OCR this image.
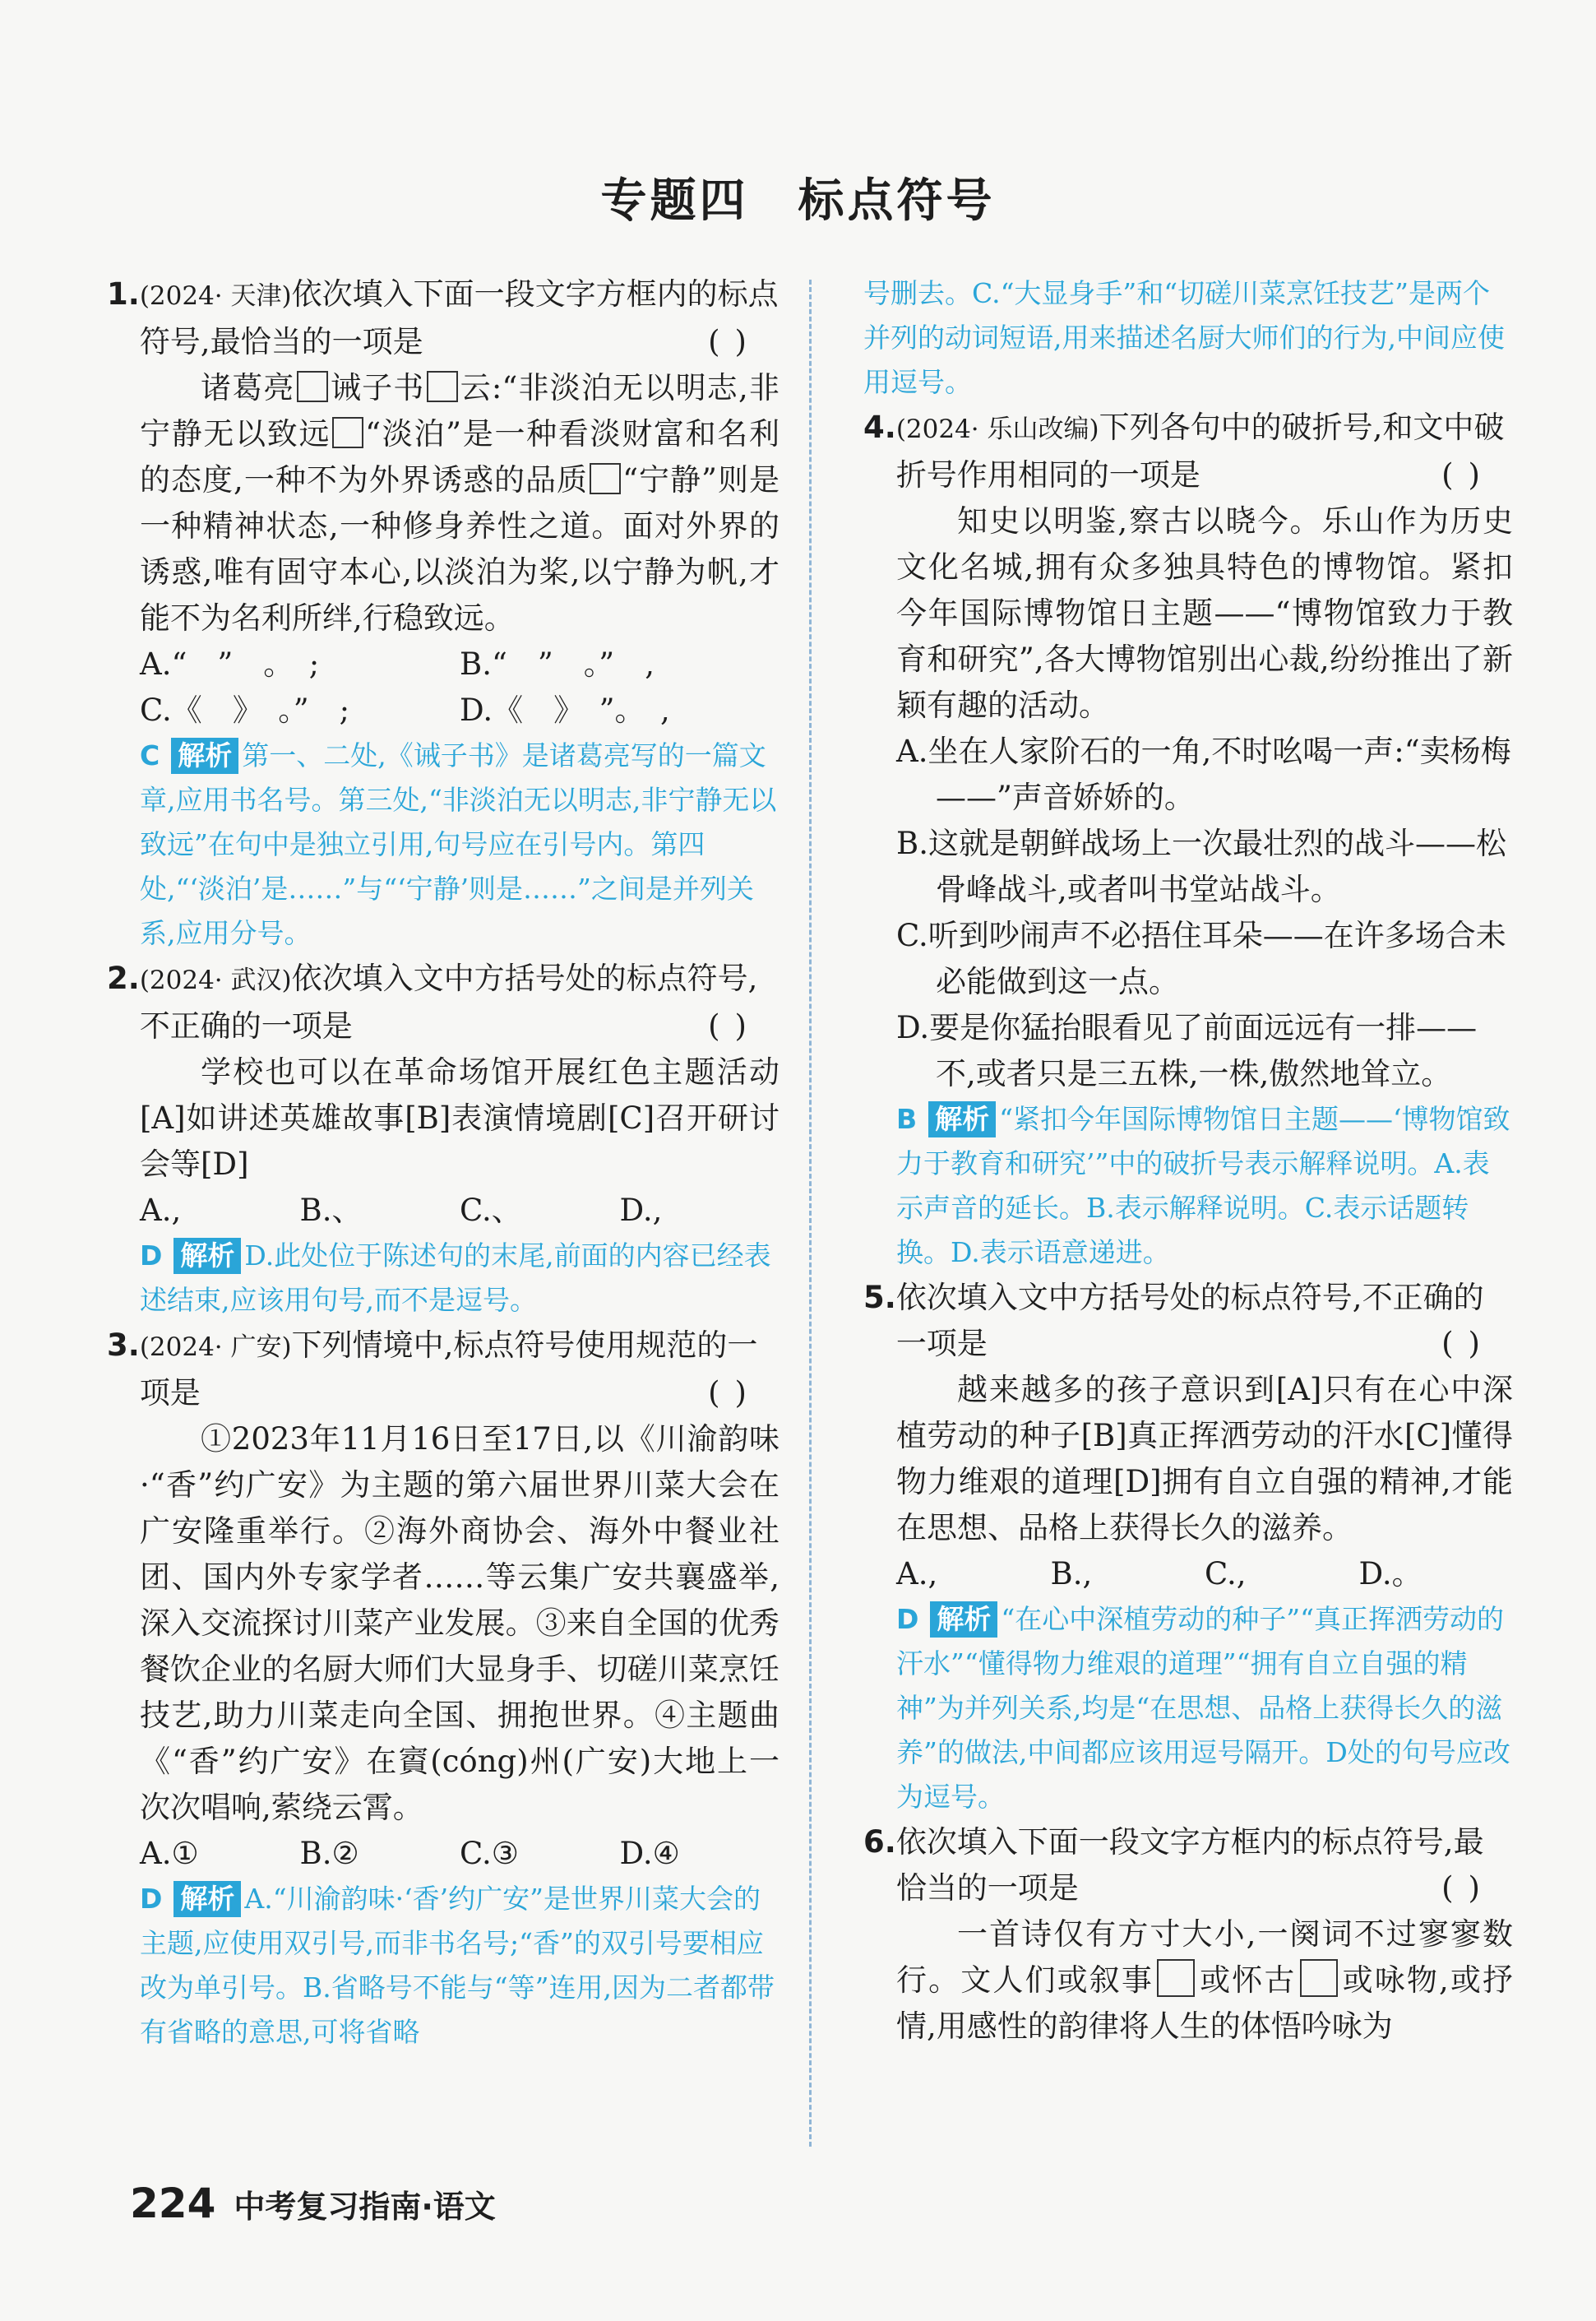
专题四　标点符号
1. (2024· 天津)依次填入下面一段文字方框内的标点符号,最恰当的一项是	()

诸葛亮 诫子书 云:“非淡泊无以明志,非宁静无以致远 “淡泊”是一种看淡财富和名利的态度,一种不为外界诱惑的品质 “宁静”则是一种精神状态,一种修身养性之道。面对外界的诱惑,唯有固守本心,以淡泊为桨,以宁静为帆,才能不为名利所绊,行稳致远。

A.“　”　。　;	B.“　”　。”　,
C.《　》　。”　;	D.《　》　”。　,
C 解析 第一、二处,《诫子书》是诸葛亮写的一篇文章,应用书名号。第三处,“非淡泊无以明志,非宁静无以致远”在句中是独立引用,句号应在引号内。第四处,“‘淡泊’是……”与“‘宁静’则是……”之间是并列关系,应用分号。
2. (2024· 武汉)依次填入文中方括号处的标点符号,不正确的一项是	()

学校也可以在革命场馆开展红色主题活动[A]如讲述英雄故事[B]表演情境剧[C]召开研讨会等[D]

A.,	B.、	C.、	D.,
D 解析 D.此处位于陈述句的末尾,前面的内容已经表述结束,应该用句号,而不是逗号。
3. (2024· 广安)下列情境中,标点符号使用规范的一项是	()

①2023年11月16日至17日,以《川渝韵味·“香”约广安》为主题的第六届世界川菜大会在广安隆重举行。②海外商协会、海外中餐业社团、国内外专家学者……等云集广安共襄盛举,深入交流探讨川菜产业发展。③来自全国的优秀餐饮企业的名厨大师们大显身手、切磋川菜烹饪技艺,助力川菜走向全国、拥抱世界。④主题曲《“香”约广安》在賨(cóng)州(广安)大地上一次次唱响,萦绕云霄。

A.①	B.②	C.③	D.④
D 解析 A.“川渝韵味·‘香’约广安”是世界川菜大会的主题,应使用双引号,而非书名号;“香”的双引号要相应改为单引号。B.省略号不能与“等”连用,因为二者都带有省略的意思,可将省略
号删去。C.“大显身手”和“切磋川菜烹饪技艺”是两个并列的动词短语,用来描述名厨大师们的行为,中间应使用逗号。
4. (2024· 乐山改编)下列各句中的破折号,和文中破折号作用相同的一项是	()

知史以明鉴,察古以晓今。乐山作为历史文化名城,拥有众多独具特色的博物馆。紧扣今年国际博物馆日主题——“博物馆致力于教育和研究”,各大博物馆别出心裁,纷纷推出了新颖有趣的活动。

A.坐在人家阶石的一角,不时吆喝一声:“卖杨梅——”声音娇娇的。
B.这就是朝鲜战场上一次最壮烈的战斗——松骨峰战斗,或者叫书堂站战斗。
C.听到吵闹声不必捂住耳朵——在许多场合未必能做到这一点。
D.要是你猛抬眼看见了前面远远有一排——不,或者只是三五株,一株,傲然地耸立。
B 解析 “紧扣今年国际博物馆日主题——‘博物馆致力于教育和研究’”中的破折号表示解释说明。A.表示声音的延长。B.表示解释说明。C.表示话题转换。D.表示语意递进。
5. 依次填入文中方括号处的标点符号,不正确的一项是	()

越来越多的孩子意识到[A]只有在心中深植劳动的种子[B]真正挥洒劳动的汗水[C]懂得物力维艰的道理[D]拥有自立自强的精神,才能在思想、品格上获得长久的滋养。

A.,	B.,	C.,	D.。
D 解析 “在心中深植劳动的种子”“真正挥洒劳动的汗水”“懂得物力维艰的道理”“拥有自立自强的精神”为并列关系,均是“在思想、品格上获得长久的滋养”的做法,中间都应该用逗号隔开。D处的句号应改为逗号。
6. 依次填入下面一段文字方框内的标点符号,最恰当的一项是	()

一首诗仅有方寸大小,一阕词不过寥寥数行。文人们或叙事 或怀古 或咏物,或抒情,用感性的韵律将人生的体悟吟咏为

224 中考复习指南·语文
